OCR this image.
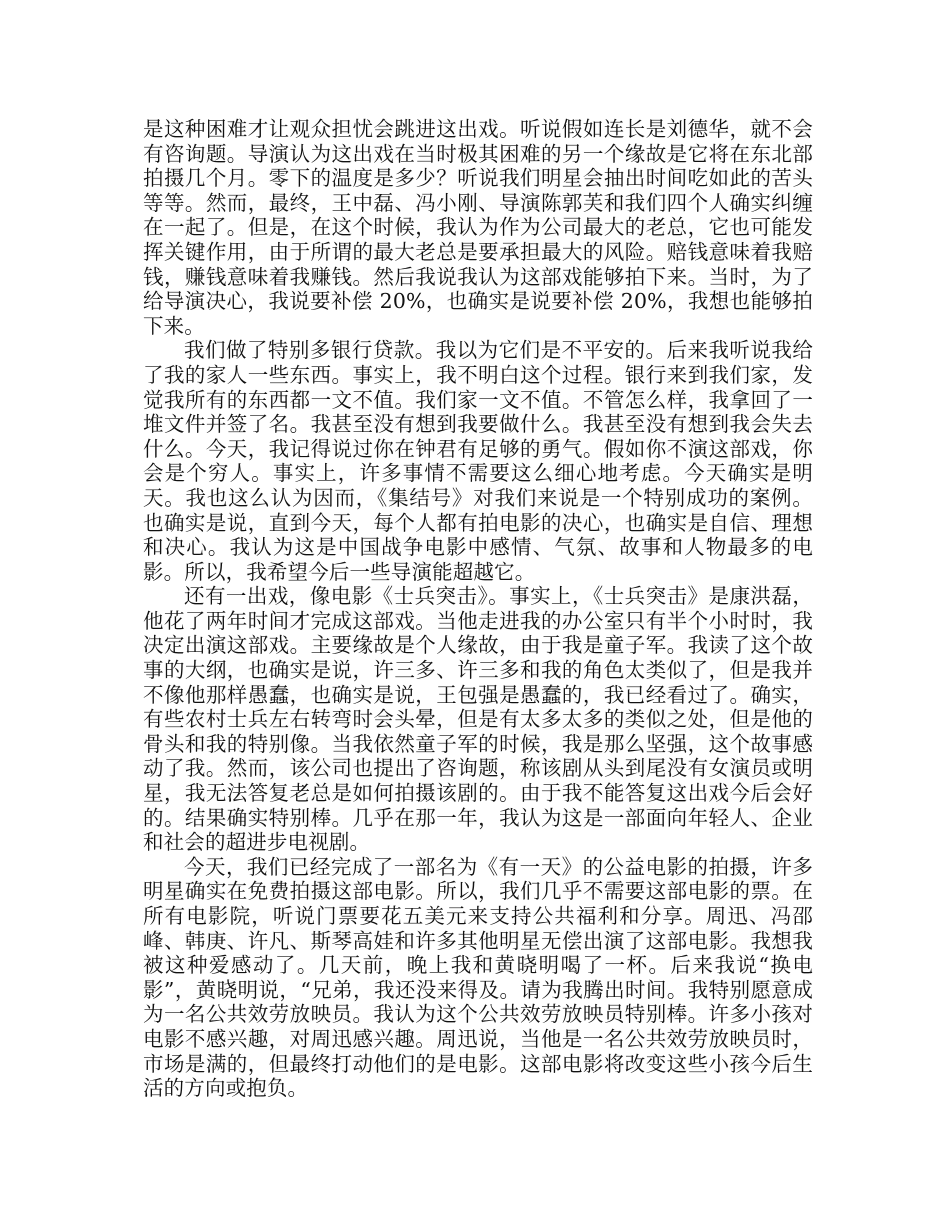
是这种困难才让观众担忧会跳进这出戏。听说假如连长是刘德华，就不会有咨询题。导演认为这出戏在当时极其困难的另一个缘故是它将在东北部拍摄几个月。零下的温度是多少？听说我们明星会抽出时间吃如此的苦头等等。然而，最终，王中磊、冯小刚、导演陈郭芙和我们四个人确实纠缠在一起了。但是，在这个时候，我认为作为公司最大的老总，它也可能发挥关键作用，由于所谓的最大老总是要承担最大的风险。赔钱意味着我赔钱，赚钱意味着我赚钱。然后我说我认为这部戏能够拍下来。当时，为了给导演决心，我说要补偿 20%，也确实是说要补偿 20%，我想也能够拍下来。

我们做了特别多银行贷款。我以为它们是不平安的。后来我听说我给了我的家人一些东西。事实上，我不明白这个过程。银行来到我们家，发觉我所有的东西都一文不值。我们家一文不值。不管怎么样，我拿回了一堆文件并签了名。我甚至没有想到我要做什么。我甚至没有想到我会失去什么。今天，我记得说过你在钟君有足够的勇气。假如你不演这部戏，你会是个穷人。事实上，许多事情不需要这么细心地考虑。今天确实是明天。我也这么认为因而，《集结号》对我们来说是一个特别成功的案例。也确实是说，直到今天，每个人都有拍电影的决心，也确实是自信、理想和决心。我认为这是中国战争电影中感情、气氛、故事和人物最多的电影。所以，我希望今后一些导演能超越它。

还有一出戏，像电影《士兵突击》。事实上，《士兵突击》是康洪磊，他花了两年时间才完成这部戏。当他走进我的办公室只有半个小时时，我决定出演这部戏。主要缘故是个人缘故，由于我是童子军。我读了这个故事的大纲，也确实是说，许三多、许三多和我的角色太类似了，但是我并不像他那样愚蠢，也确实是说，王包强是愚蠢的，我已经看过了。确实，有些农村士兵左右转弯时会头晕，但是有太多太多的类似之处，但是他的骨头和我的特别像。当我依然童子军的时候，我是那么坚强，这个故事感动了我。然而，该公司也提出了咨询题，称该剧从头到尾没有女演员或明星，我无法答复老总是如何拍摄该剧的。由于我不能答复这出戏今后会好的。结果确实特别棒。几乎在那一年，我认为这是一部面向年轻人、企业和社会的超进步电视剧。

今天，我们已经完成了一部名为《有一天》的公益电影的拍摄，许多明星确实在免费拍摄这部电影。所以，我们几乎不需要这部电影的票。在所有电影院，听说门票要花五美元来支持公共福利和分享。周迅、冯邵峰、韩庚、许凡、斯琴高娃和许多其他明星无偿出演了这部电影。我想我被这种爱感动了。几天前，晚上我和黄晓明喝了一杯。后来我说“换电影”，黄晓明说，“兄弟，我还没来得及。请为我腾出时间。我特别愿意成为一名公共效劳放映员。我认为这个公共效劳放映员特别棒。许多小孩对电影不感兴趣，对周迅感兴趣。周迅说，当他是一名公共效劳放映员时，市场是满的，但最终打动他们的是电影。这部电影将改变这些小孩今后生活的方向或抱负。
